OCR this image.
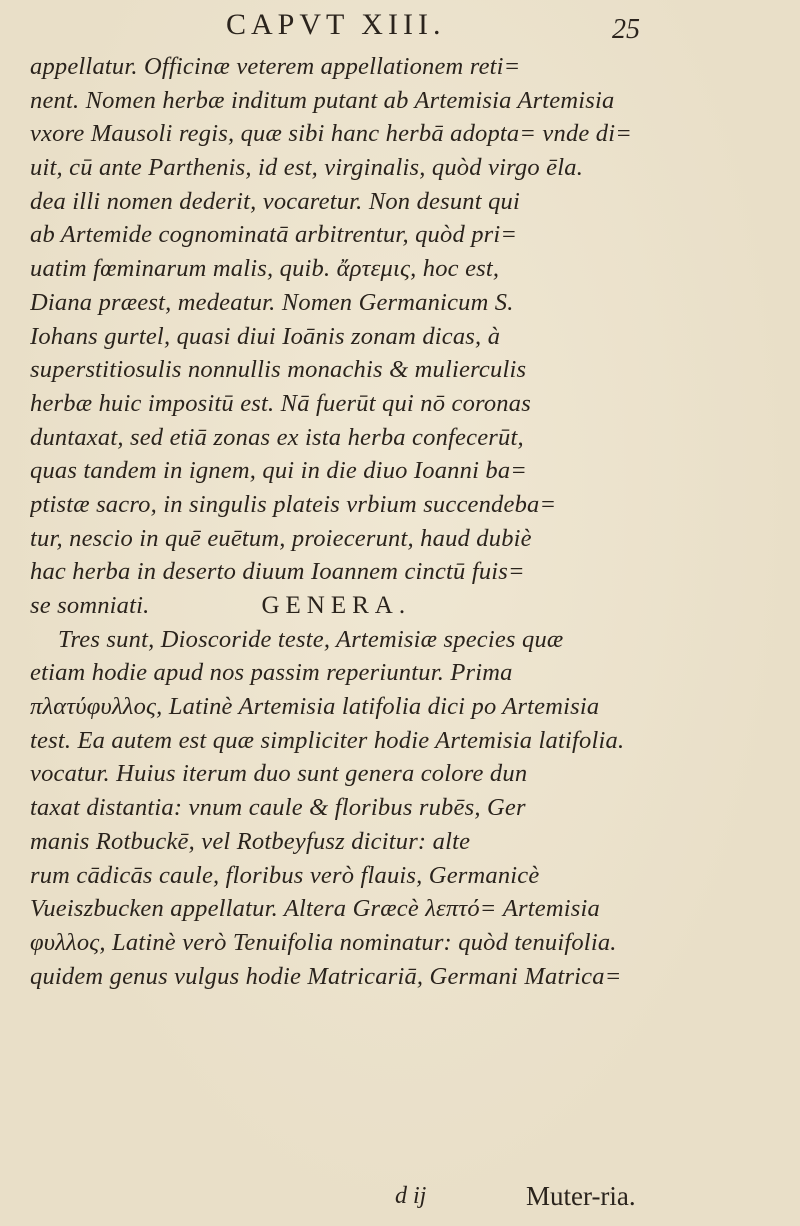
CAPVT XIII.	25
appellatur. Officinæ veterem appellationem reti=
nent. Nomen herbæ inditum putant ab Artemisia Artemisia
vxore Mausoli regis, quæ sibi hanc herbā adopta= vnde di=
uit, cū ante Parthenis, id est, virginalis, quòd virgo ēla.
dea illi nomen dederit, vocaretur. Non desunt qui
ab Artemide cognominatā arbitrentur, quòd pri=
uatim fœminarum malis, quib. ἄρτεμις, hoc est,
Diana præest, medeatur. Nomen Germanicum S.
Iohans gurtel, quasi diui Ioānis zonam dicas, à
superstitiosulis nonnullis monachis & mulierculis
herbæ huic impositū est. Nā fuerūt qui nō coronas
duntaxat, sed etiā zonas ex ista herba confecerūt,
quas tandem in ignem, qui in die diuo Ioanni ba=
ptistæ sacro, in singulis plateis vrbium succendeba=
tur, nescio in quē euētum, proiecerunt, haud dubiè
hac herba in deserto diuum Ioannem cinctū fuis=
se somniati.	GENERA.
Tres sunt, Dioscoride teste, Artemisiæ species quæ
etiam hodie apud nos passim reperiuntur. Prima
πλατύφυλλος, Latinè Artemisia latifolia dici po Artemisia
test. Ea autem est quæ simpliciter hodie Artemisia latifolia.
vocatur. Huius iterum duo sunt genera colore dun
taxat distantia: vnum caule & floribus rubēs, Ger
manis Rotbuckē, vel Rotbeyfusz dicitur: alte
rum cādicās caule, floribus verò flauis, Germanicè
Vueiszbucken appellatur. Altera Græcè λεπτό= Artemisia
φυλλος, Latinè verò Tenuifolia nominatur: quòd tenuifolia.
quidem genus vulgus hodie Matricariā, Germani Matrica=
d ij	Muter-ria.
